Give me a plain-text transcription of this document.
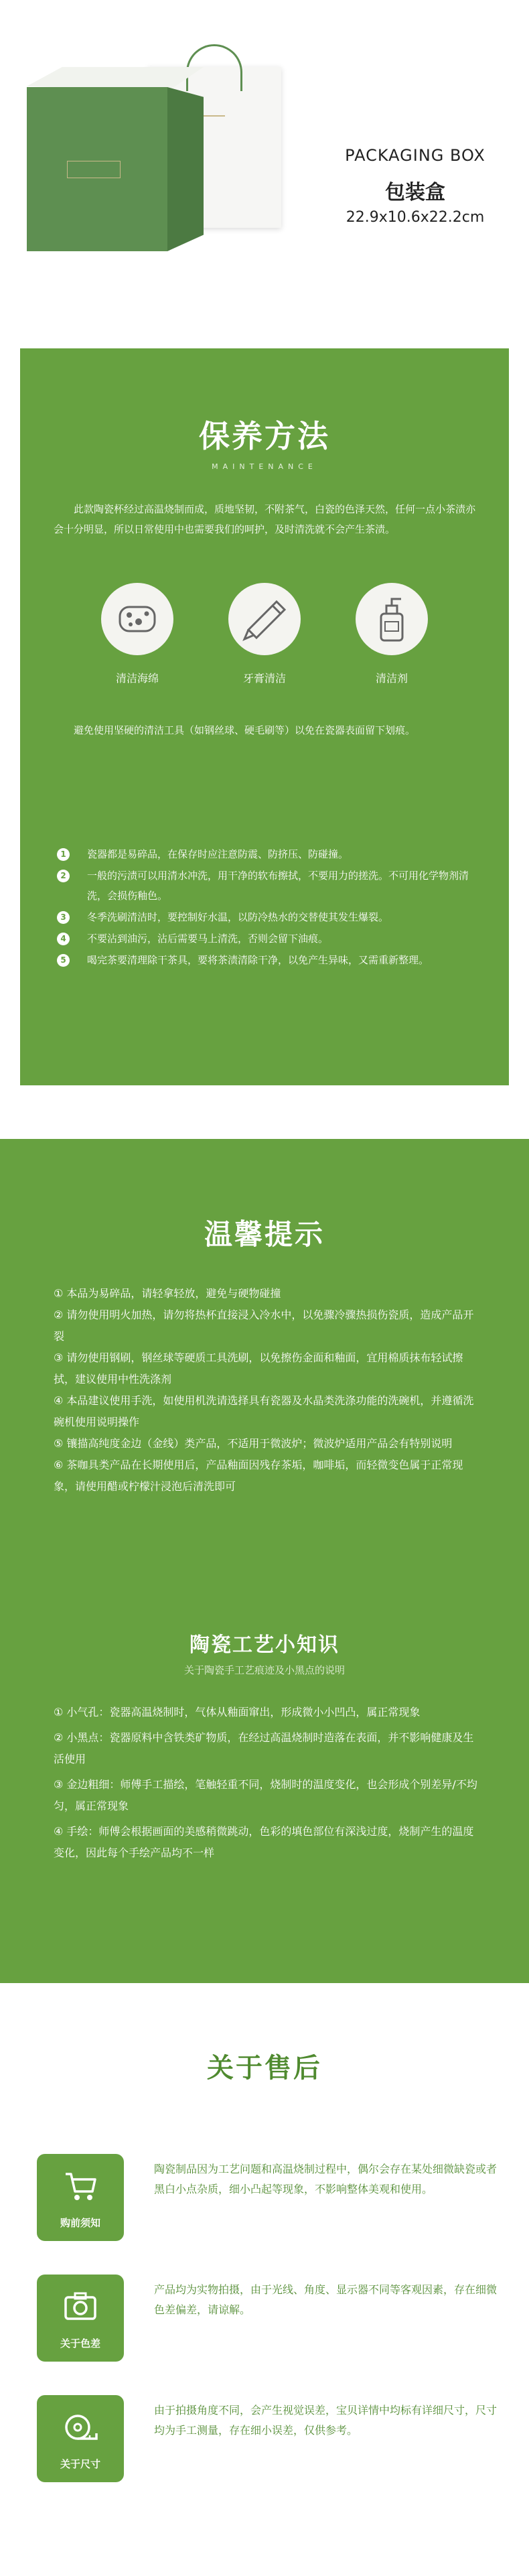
PACKAGING BOX
包装盒
22.9x10.6x22.2cm
保养方法
MAINTENANCE

此款陶瓷杯经过高温烧制而成，质地坚韧，不附茶气，白瓷的色泽天然，任何一点小茶渍亦会十分明显，所以日常使用中也需要我们的呵护，及时清洗就不会产生茶渍。

清洁海绵	牙膏清洁	清洁剂

避免使用坚硬的清洁工具（如钢丝球、硬毛刷等）以免在瓷器表面留下划痕。

1	瓷器都是易碎品，在保存时应注意防震、防挤压、防碰撞。
2	一般的污渍可以用清水冲洗，用干净的软布擦拭，不要用力的搓洗。不可用化学物剂清洗，会损伤釉色。
3	冬季洗刷清洁时，要控制好水温，以防冷热水的交替使其发生爆裂。
4	不要沾到油污，沾后需要马上清洗，否则会留下油痕。
5	喝完茶要清理除干茶具，要将茶渍清除干净，以免产生异味，又需重新整理。
温馨提示

① 本品为易碎品，请轻拿轻放，避免与硬物碰撞

② 请勿使用明火加热，请勿将热杯直接浸入冷水中，以免骤冷骤热损伤瓷质，造成产品开裂

③ 请勿使用钢刷，钢丝球等硬质工具洗刷，以免擦伤金面和釉面，宜用棉质抹布轻试擦拭，建议使用中性洗涤剂

④ 本品建议使用手洗，如使用机洗请选择具有瓷器及水晶类洗涤功能的洗碗机，并遵循洗碗机使用说明操作

⑤ 镶描高纯度金边（金线）类产品，不适用于微波炉；微波炉适用产品会有特别说明

⑥ 茶咖具类产品在长期使用后，产品釉面因残存茶垢，咖啡垢，而轻微变色属于正常现象，请使用醋或柠檬汁浸泡后清洗即可

陶瓷工艺小知识
关于陶瓷手工艺痕迹及小黑点的说明

① 小气孔：瓷器高温烧制时，气体从釉面窜出，形成微小小凹凸，属正常现象

② 小黑点：瓷器原料中含铁类矿物质，在经过高温烧制时造落在表面，并不影响健康及生活使用

③ 金边粗细：师傅手工描绘，笔触轻重不同，烧制时的温度变化，也会形成个别差异/不均匀，属正常现象

④ 手绘：师傅会根据画面的美感稍微跳动，色彩的填色部位有深浅过度，烧制产生的温度变化，因此每个手绘产品均不一样

关于售后
购前须知

陶瓷制品因为工艺问题和高温烧制过程中，偶尔会存在某处细微缺瓷或者黑白小点杂质，细小凸起等现象，不影响整体美观和使用。

关于色差

产品均为实物拍摄，由于光线、角度、显示器不同等客观因素，存在细微色差偏差，请谅解。

关于尺寸

由于拍摄角度不同，会产生视觉误差，宝贝详情中均标有详细尺寸，尺寸均为手工测量，存在细小误差，仅供参考。
